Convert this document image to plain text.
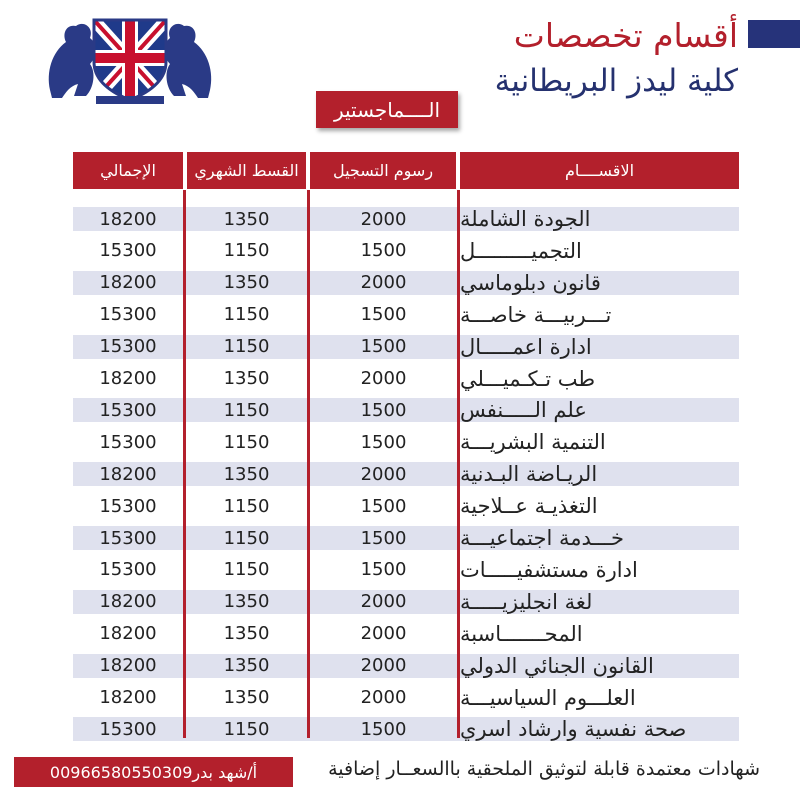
أقسام تخصصات
كلية ليدز البريطانية
الــــماجستير
الاقســــام
رسوم التسجيل
القسط الشهري
الإجمالي
الجودة الشاملة
2000
1350
18200
التجميـــــــــل
1500
1150
15300
قانون دبلوماسي
2000
1350
18200
تـــربيـــة خاصـــة
1500
1150
15300
ادارة اعمـــــال
1500
1150
15300
طب تـكـميـــلي
2000
1350
18200
علم الـــــنفس
1500
1150
15300
التنمية البشريـــة
1500
1150
15300
الريـاضة البـدنية
2000
1350
18200
التغذيـة عــلاجية
1500
1150
15300
خـــدمة اجتماعيـــة
1500
1150
15300
ادارة مستشفيـــــات
1500
1150
15300
لغة انجليزيـــــة
2000
1350
18200
المحـــــــاسبة
2000
1350
18200
القانون الجنائي الدولي
2000
1350
18200
العلـــوم السياسيـــة
2000
1350
18200
صحة نفسية وارشاد اسري
1500
1150
15300
شهادات معتمدة قابلة لتوثيق الملحقية باالسعــار إضافية
أ/شهد بدر00966580550309
